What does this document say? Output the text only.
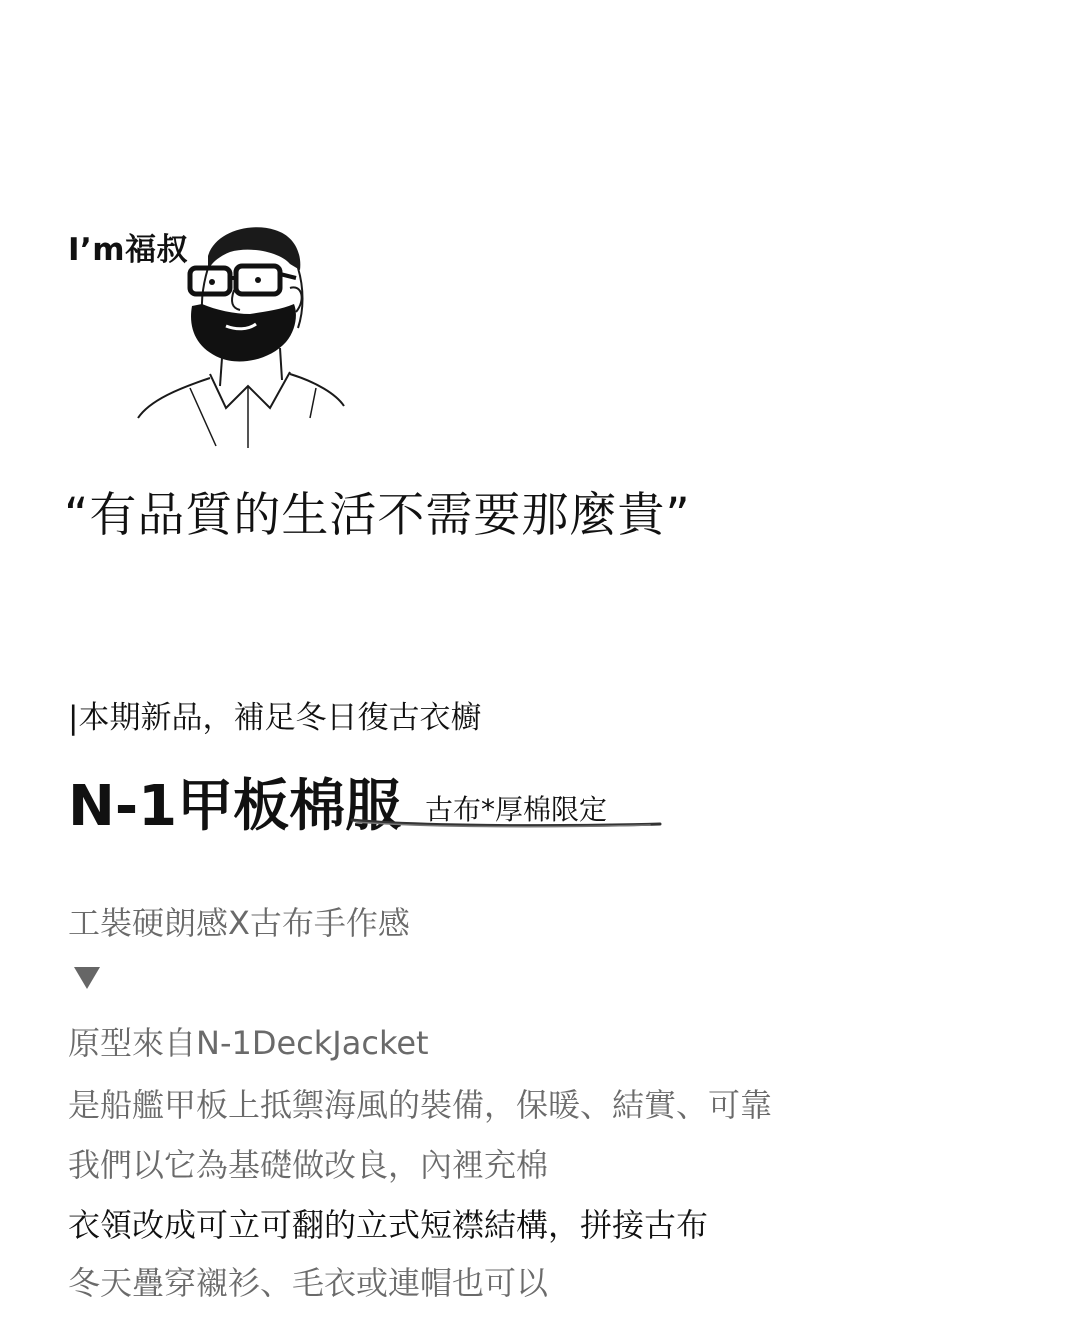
I’m福叔
“有品質的生活不需要那麼貴”
|本期新品，補足冬日復古衣櫥
N-1甲板棉服 古布*厚棉限定
工裝硬朗感X古布手作感
原型來自N-1DeckJacket
是船艦甲板上抵禦海風的裝備，保暖、結實、可靠
我們以它為基礎做改良，內裡充棉
衣領改成可立可翻的立式短襟結構，拼接古布
冬天疊穿襯衫、毛衣或連帽也可以
